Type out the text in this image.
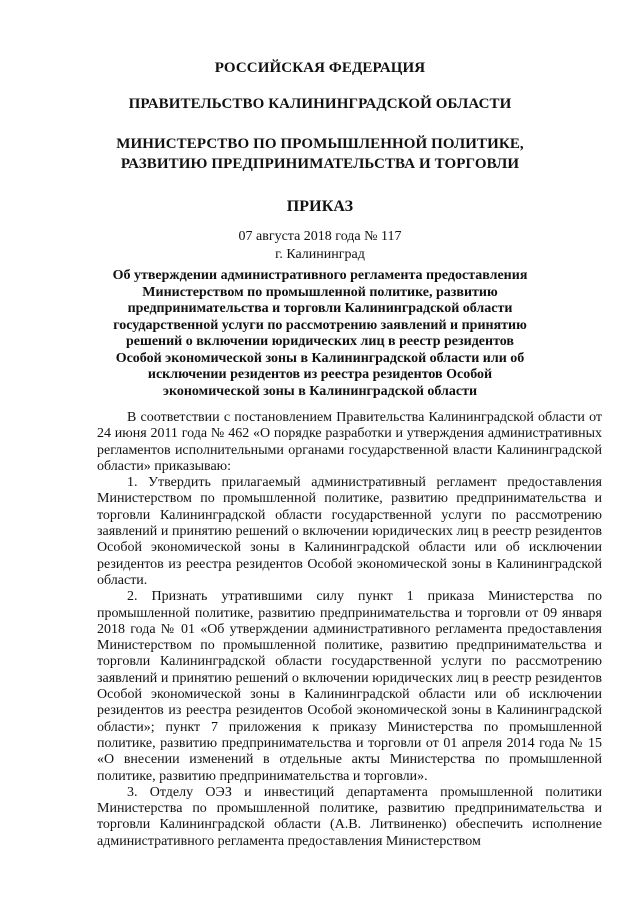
РОССИЙСКАЯ ФЕДЕРАЦИЯ
ПРАВИТЕЛЬСТВО КАЛИНИНГРАДСКОЙ ОБЛАСТИ
МИНИСТЕРСТВО ПО ПРОМЫШЛЕННОЙ ПОЛИТИКЕ,
РАЗВИТИЮ ПРЕДПРИНИМАТЕЛЬСТВА И ТОРГОВЛИ
ПРИКАЗ
07 августа 2018 года № 117
г. Калининград
Об утверждении административного регламента предоставления Министерством по промышленной политике, развитию предпринимательства и торговли Калининградской области государственной услуги по рассмотрению заявлений и принятию решений о включении юридических лиц в реестр резидентов Особой экономической зоны в Калининградской области или об исключении резидентов из реестра резидентов Особой экономической зоны в Калининградской области

В соответствии с постановлением Правительства Калининградской области от 24 июня 2011 года № 462 «О порядке разработки и утверждения административных регламентов исполнительными органами государственной власти Калининградской области» приказываю:

1. Утвердить прилагаемый административный регламент предоставления Министерством по промышленной политике, развитию предпринимательства и торговли Калининградской области государственной услуги по рассмотрению заявлений и принятию решений о включении юридических лиц в реестр резидентов Особой экономической зоны в Калининградской области или об исключении резидентов из реестра резидентов Особой экономической зоны в Калининградской области.

2. Признать утратившими силу пункт 1 приказа Министерства по промышленной политике, развитию предпринимательства и торговли от 09 января 2018 года № 01 «Об утверждении административного регламента предоставления Министерством по промышленной политике, развитию предпринимательства и торговли Калининградской области государственной услуги по рассмотрению заявлений и принятию решений о включении юридических лиц в реестр резидентов Особой экономической зоны в Калининградской области или об исключении резидентов из реестра резидентов Особой экономической зоны в Калининградской области»; пункт 7 приложения к приказу Министерства по промышленной политике, развитию предпринимательства и торговли от 01 апреля 2014 года № 15 «О внесении изменений в отдельные акты Министерства по промышленной политике, развитию предпринимательства и торговли».

3. Отделу ОЭЗ и инвестиций департамента промышленной политики Министерства по промышленной политике, развитию предпринимательства и торговли Калининградской области (А.В. Литвиненко) обеспечить исполнение административного регламента предоставления Министерством
